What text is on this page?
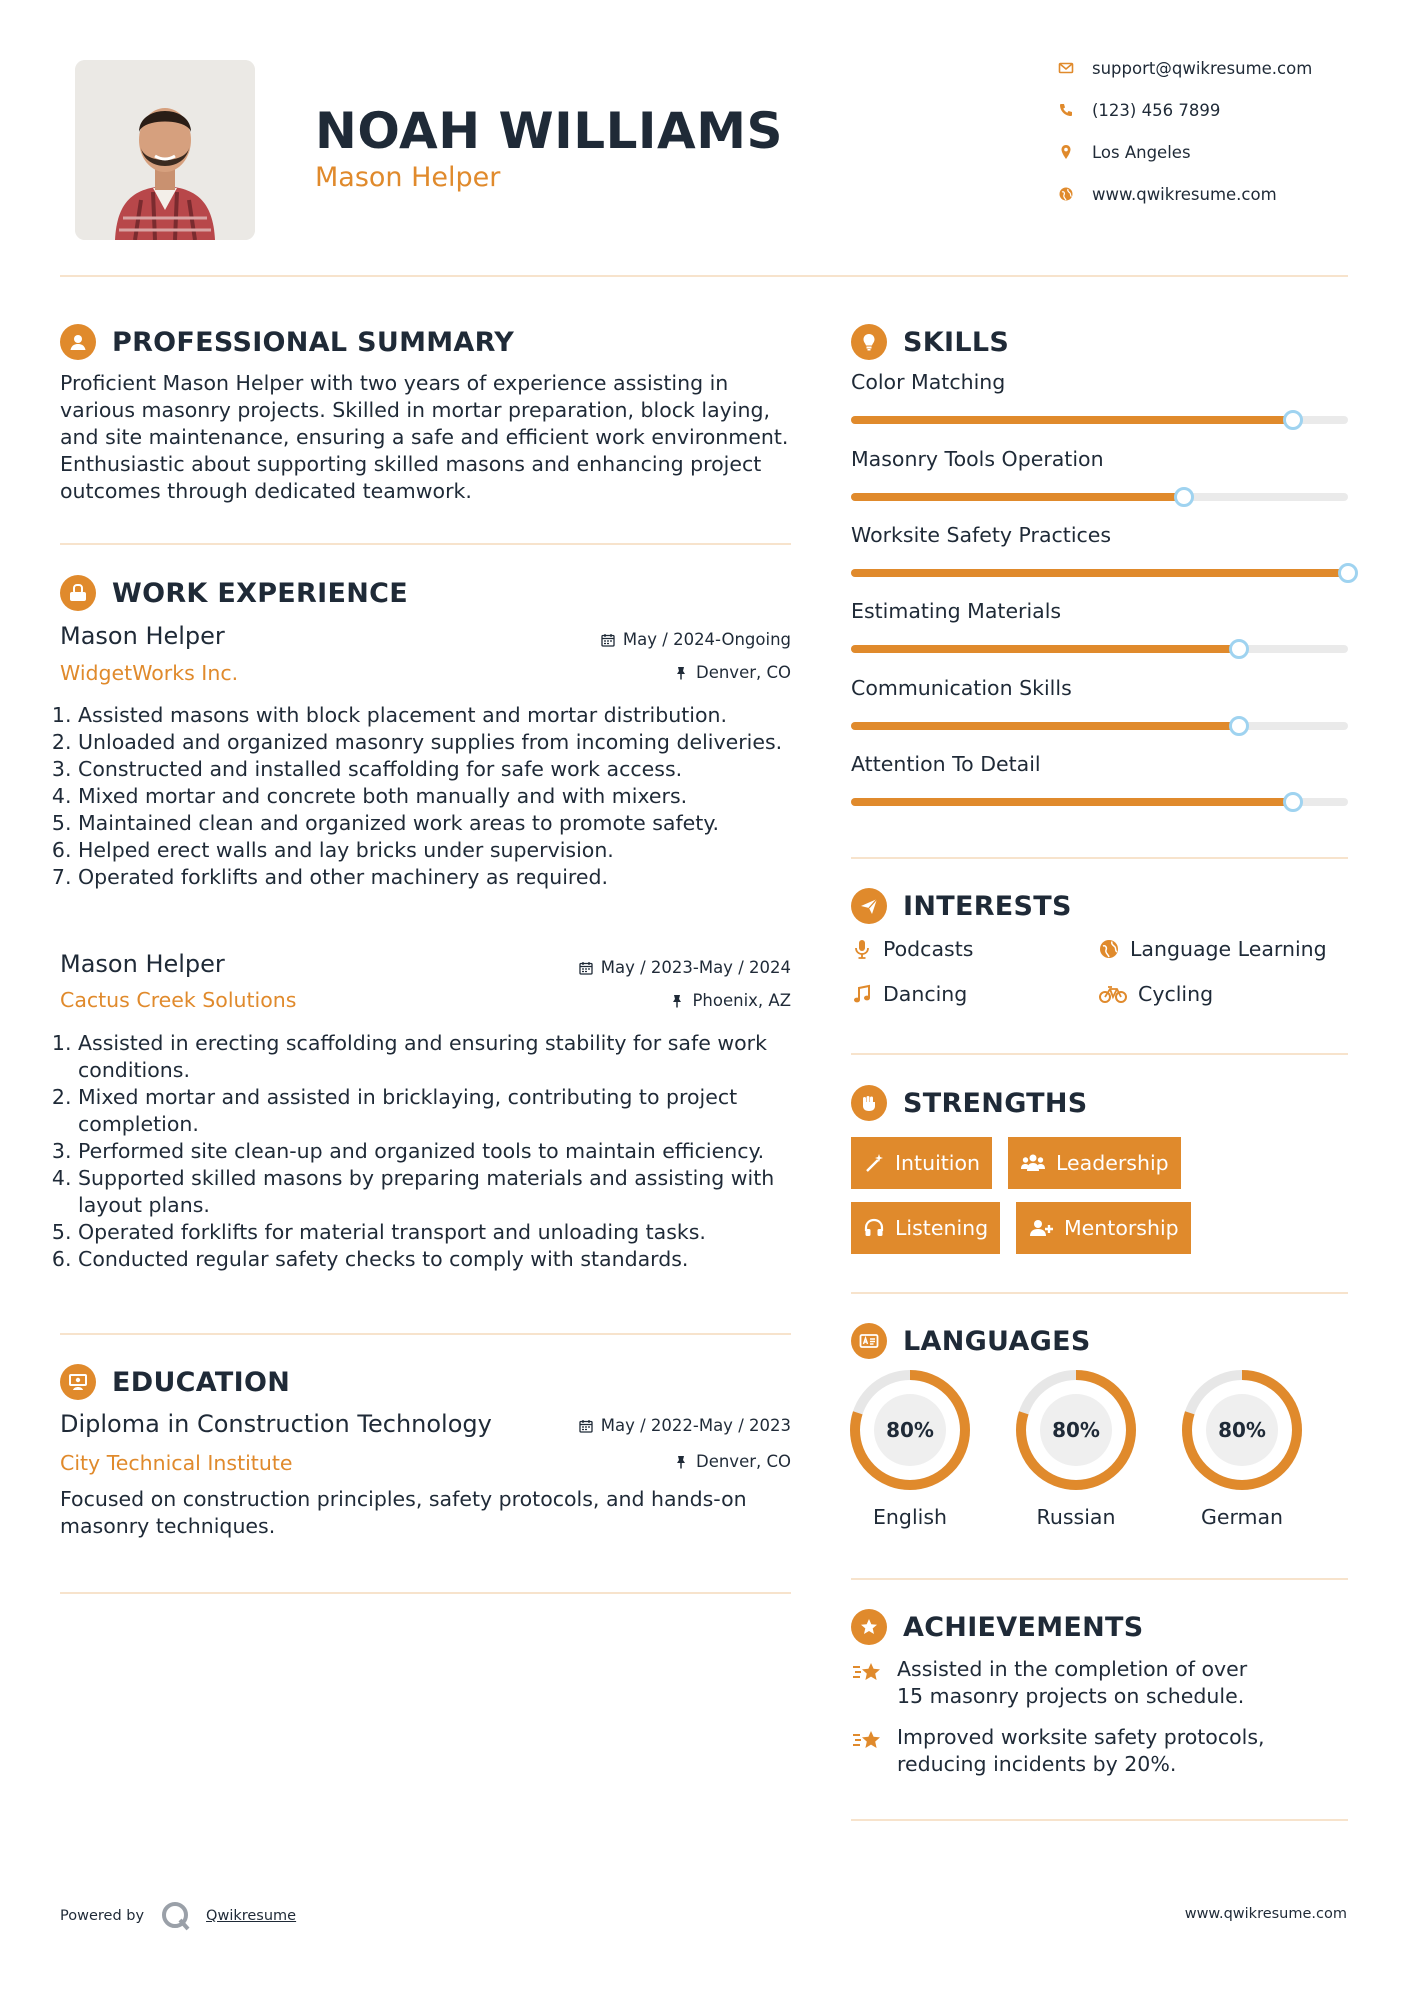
NOAH WILLIAMS
Mason Helper
support@qwikresume.com
(123) 456 7899
Los Angeles
www.qwikresume.com
PROFESSIONAL SUMMARY
Proficient Mason Helper with two years of experience assisting in various masonry projects. Skilled in mortar preparation, block laying, and site maintenance, ensuring a safe and efficient work environment. Enthusiastic about supporting skilled masons and enhancing project outcomes through dedicated teamwork.
WORK EXPERIENCE
Mason Helper	May / 2024-Ongoing
WidgetWorks Inc.	Denver, CO
1. Assisted masons with block placement and mortar distribution.
2. Unloaded and organized masonry supplies from incoming deliveries.
3. Constructed and installed scaffolding for safe work access.
4. Mixed mortar and concrete both manually and with mixers.
5. Maintained clean and organized work areas to promote safety.
6. Helped erect walls and lay bricks under supervision.
7. Operated forklifts and other machinery as required.
Mason Helper	May / 2023-May / 2024
Cactus Creek Solutions	Phoenix, AZ
1. Assisted in erecting scaffolding and ensuring stability for safe work conditions.
2. Mixed mortar and assisted in bricklaying, contributing to project completion.
3. Performed site clean-up and organized tools to maintain efficiency.
4. Supported skilled masons by preparing materials and assisting with layout plans.
5. Operated forklifts for material transport and unloading tasks.
6. Conducted regular safety checks to comply with standards.
EDUCATION
Diploma in Construction Technology	May / 2022-May / 2023
City Technical Institute	Denver, CO
Focused on construction principles, safety protocols, and hands-on masonry techniques.
SKILLS
Color Matching
Masonry Tools Operation
Worksite Safety Practices
Estimating Materials
Communication Skills
Attention To Detail
INTERESTS
Podcasts	Language Learning
Dancing	Cycling
STRENGTHS
Intuition	Leadership
Listening	Mentorship
LANGUAGES
80%
English
80%
Russian
80%
German
ACHIEVEMENTS
Assisted in the completion of over 15 masonry projects on schedule.
Improved worksite safety protocols, reducing incidents by 20%.
Powered by	Qwikresume	www.qwikresume.com
